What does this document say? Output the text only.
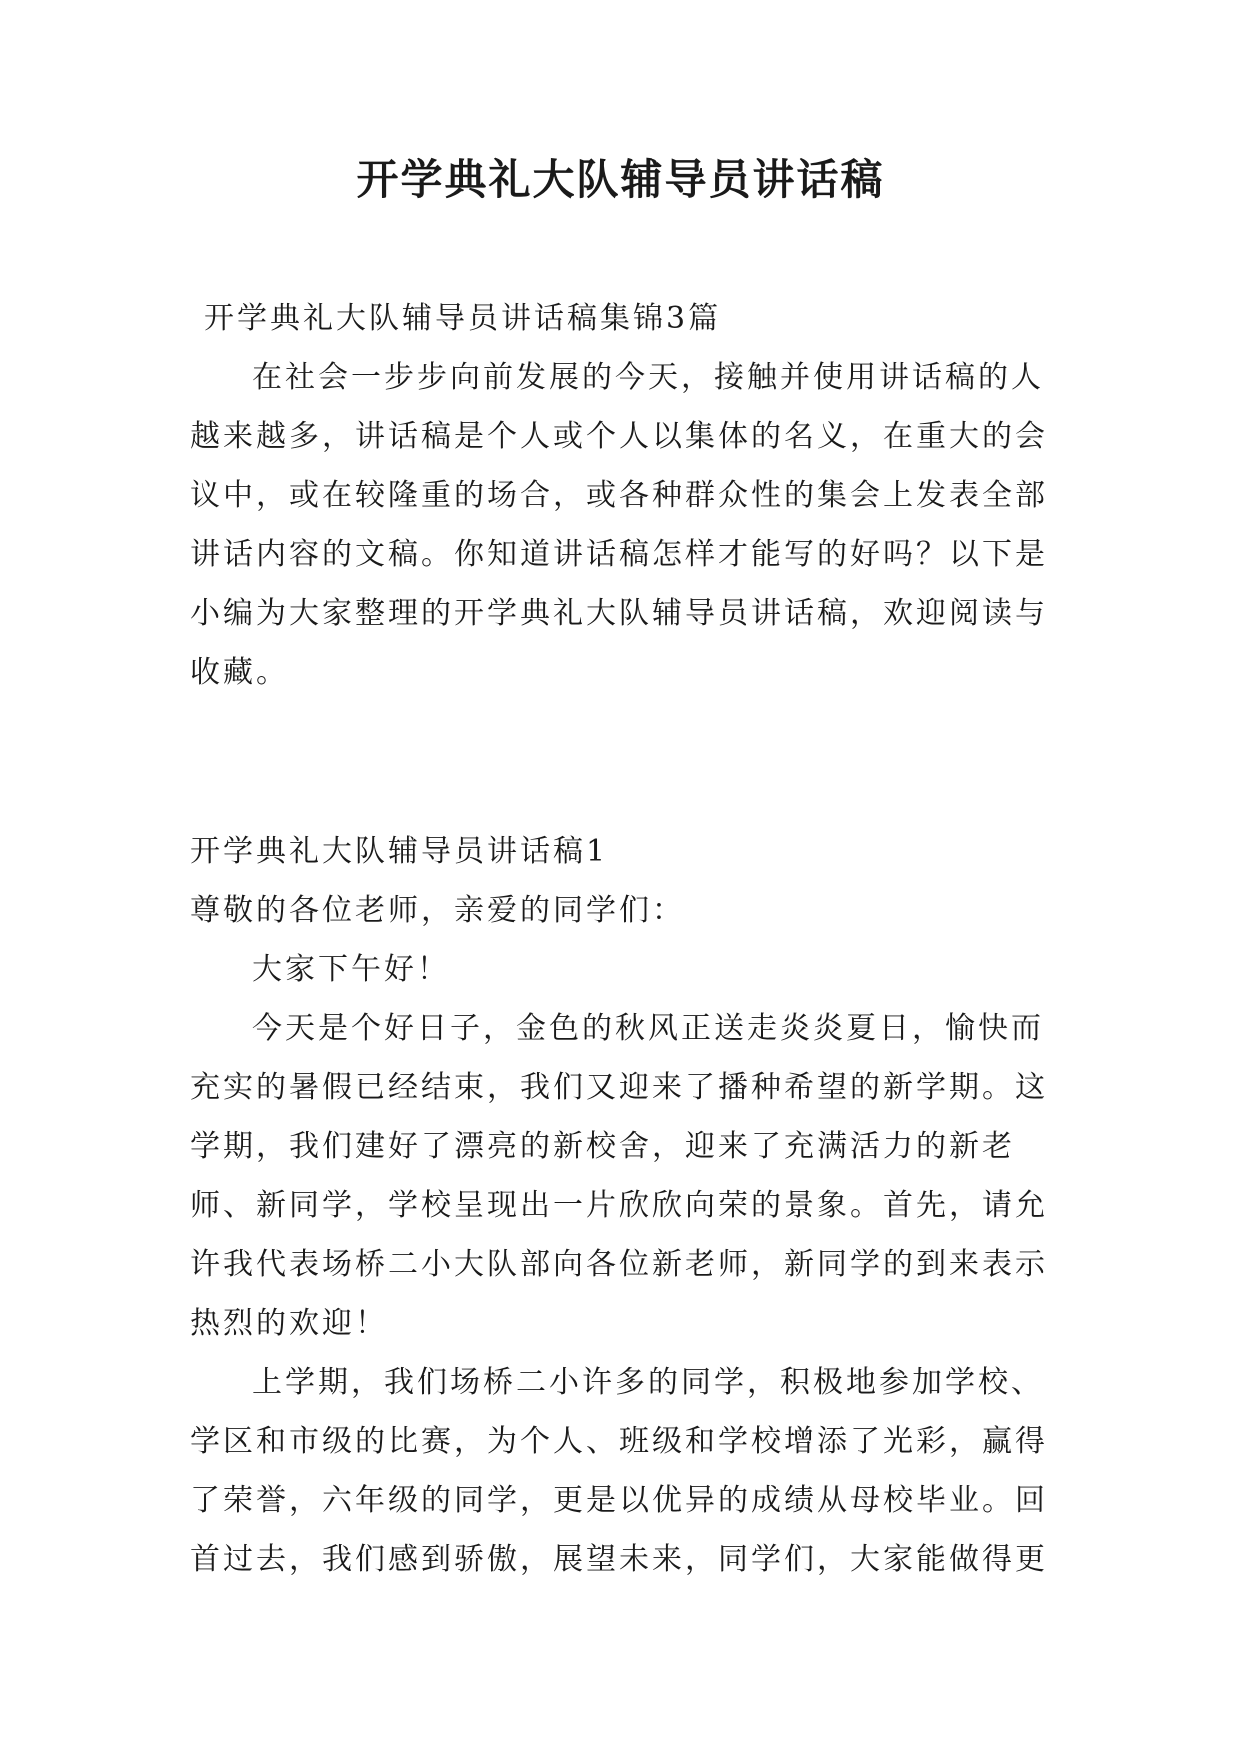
开学典礼大队辅导员讲话稿

开学典礼大队辅导员讲话稿集锦3篇

在社会一步步向前发展的今天，接触并使用讲话稿的人越来越多，讲话稿是个人或个人以集体的名义，在重大的会议中，或在较隆重的场合，或各种群众性的集会上发表全部讲话内容的文稿。你知道讲话稿怎样才能写的好吗？以下是小编为大家整理的开学典礼大队辅导员讲话稿，欢迎阅读与收藏。

开学典礼大队辅导员讲话稿1

尊敬的各位老师，亲爱的同学们：

大家下午好！

今天是个好日子，金色的秋风正送走炎炎夏日，愉快而充实的暑假已经结束，我们又迎来了播种希望的新学期。这学期，我们建好了漂亮的新校舍，迎来了充满活力的新老师、新同学，学校呈现出一片欣欣向荣的景象。首先，请允许我代表场桥二小大队部向各位新老师，新同学的到来表示热烈的欢迎！

上学期，我们场桥二小许多的同学，积极地参加学校、学区和市级的比赛，为个人、班级和学校增添了光彩，赢得了荣誉，六年级的同学，更是以优异的成绩从母校毕业。回首过去，我们感到骄傲，展望未来，同学们，大家能做得更
